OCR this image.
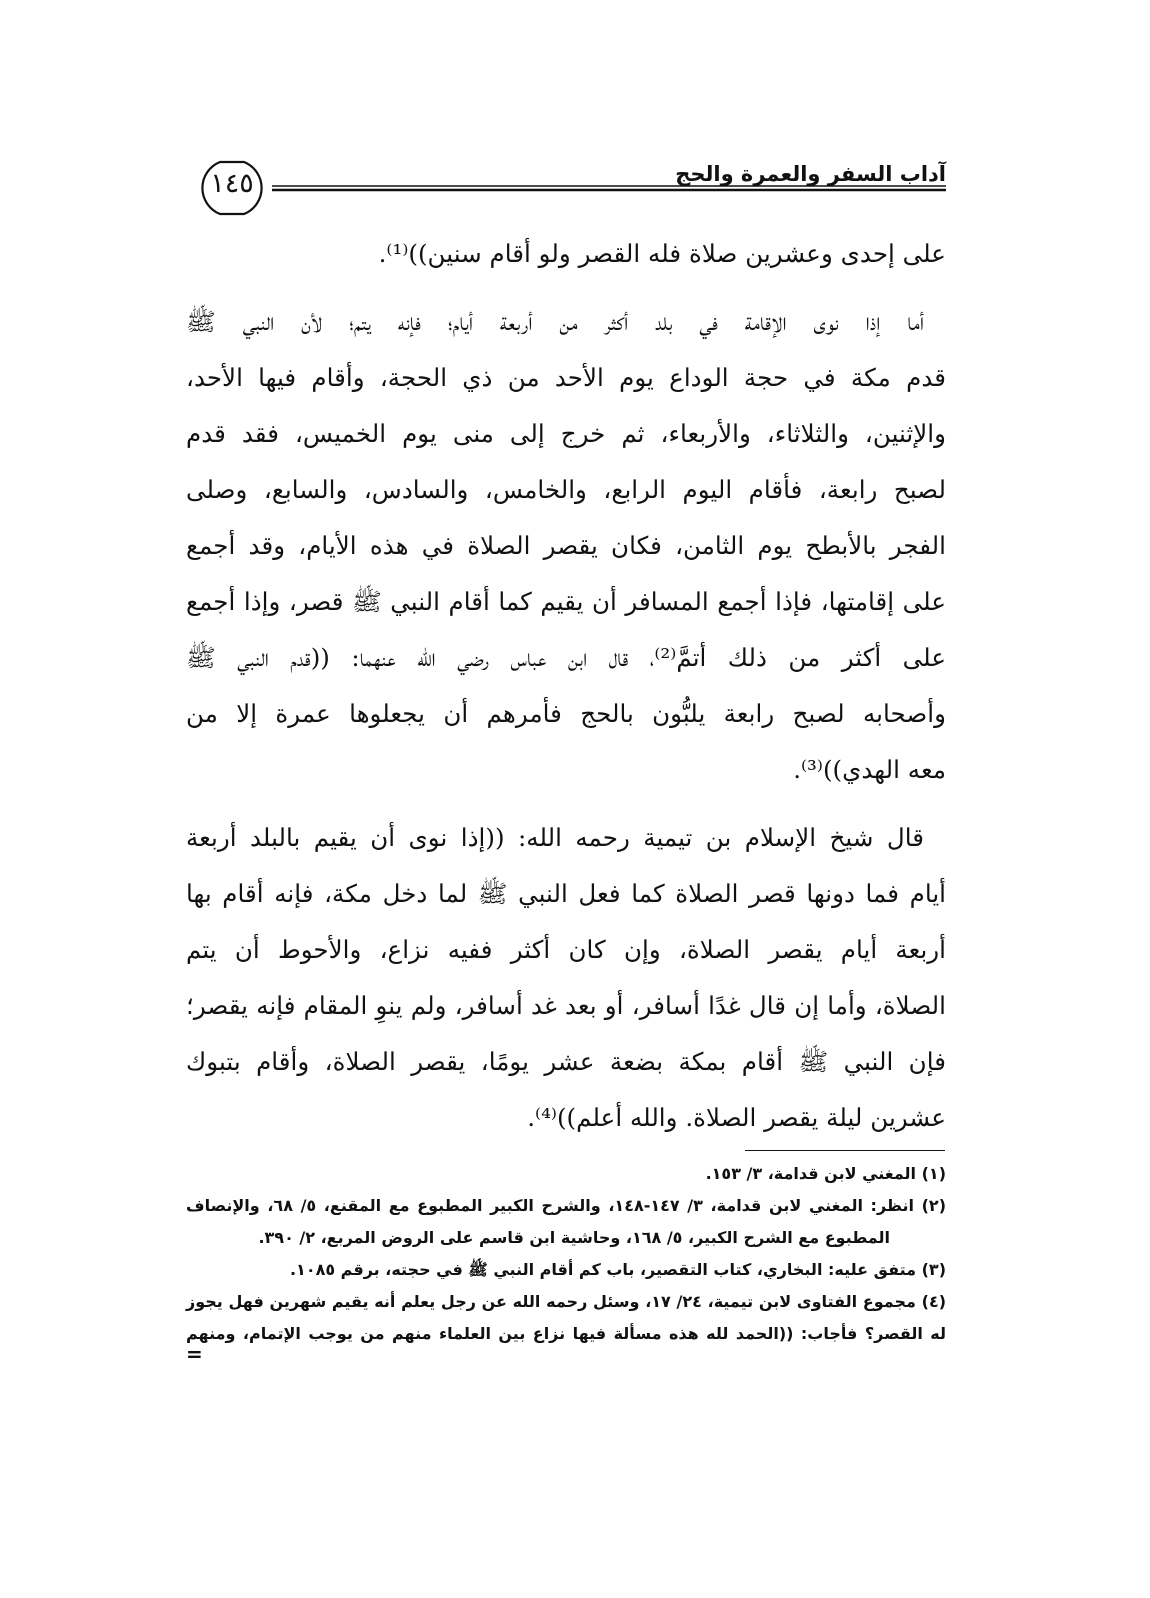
آداب السفر والعمرة والحج
١٤٥
على إحدى وعشرين صلاة فله القصر ولو أقام سنين))⁽¹⁾.
أما إذا نوى الإقامة في بلد أكثر من أربعة أيام؛ فإنه يتم؛ لأن النبي ﷺ
قدم مكة في حجة الوداع يوم الأحد من ذي الحجة، وأقام فيها الأحد،
والإثنين، والثلاثاء، والأربعاء، ثم خرج إلى منى يوم الخميس، فقد قدم
لصبح رابعة، فأقام اليوم الرابع، والخامس، والسادس، والسابع، وصلى
الفجر بالأبطح يوم الثامن، فكان يقصر الصلاة في هذه الأيام، وقد أجمع
على إقامتها، فإذا أجمع المسافر أن يقيم كما أقام النبي ﷺ قصر، وإذا أجمع
على أكثر من ذلك أتمَّ⁽²⁾، قال ابن عباس رضي الله عنهما: ((قدم النبي ﷺ
وأصحابه لصبح رابعة يلبُّون بالحج فأمرهم أن يجعلوها عمرة إلا من
معه الهدي))⁽³⁾.
قال شيخ الإسلام بن تيمية رحمه الله: ((إذا نوى أن يقيم بالبلد أربعة
أيام فما دونها قصر الصلاة كما فعل النبي ﷺ لما دخل مكة، فإنه أقام بها
أربعة أيام يقصر الصلاة، وإن كان أكثر ففيه نزاع، والأحوط أن يتم
الصلاة، وأما إن قال غدًا أسافر، أو بعد غد أسافر، ولم ينوِ المقام فإنه يقصر؛
فإن النبي ﷺ أقام بمكة بضعة عشر يومًا، يقصر الصلاة، وأقام بتبوك
عشرين ليلة يقصر الصلاة. والله أعلم))⁽⁴⁾.
(١) المغني لابن قدامة، ٣/ ١٥٣.
(٢) انظر: المغني لابن قدامة، ٣/ ١٤٧-١٤٨، والشرح الكبير المطبوع مع المقنع، ٥/ ٦٨، والإنصاف
المطبوع مع الشرح الكبير، ٥/ ١٦٨، وحاشية ابن قاسم على الروض المربع، ٢/ ٣٩٠.
(٣) متفق عليه: البخاري، كتاب التقصير، باب كم أقام النبي ﷺ في حجته، برقم ١٠٨٥.
(٤) مجموع الفتاوى لابن تيمية، ٢٤/ ١٧، وسئل رحمه الله عن رجل يعلم أنه يقيم شهرين فهل يجوز
له القصر؟ فأجاب: ((الحمد لله هذه مسألة فيها نزاع بين العلماء منهم من يوجب الإتمام، ومنهم
=
